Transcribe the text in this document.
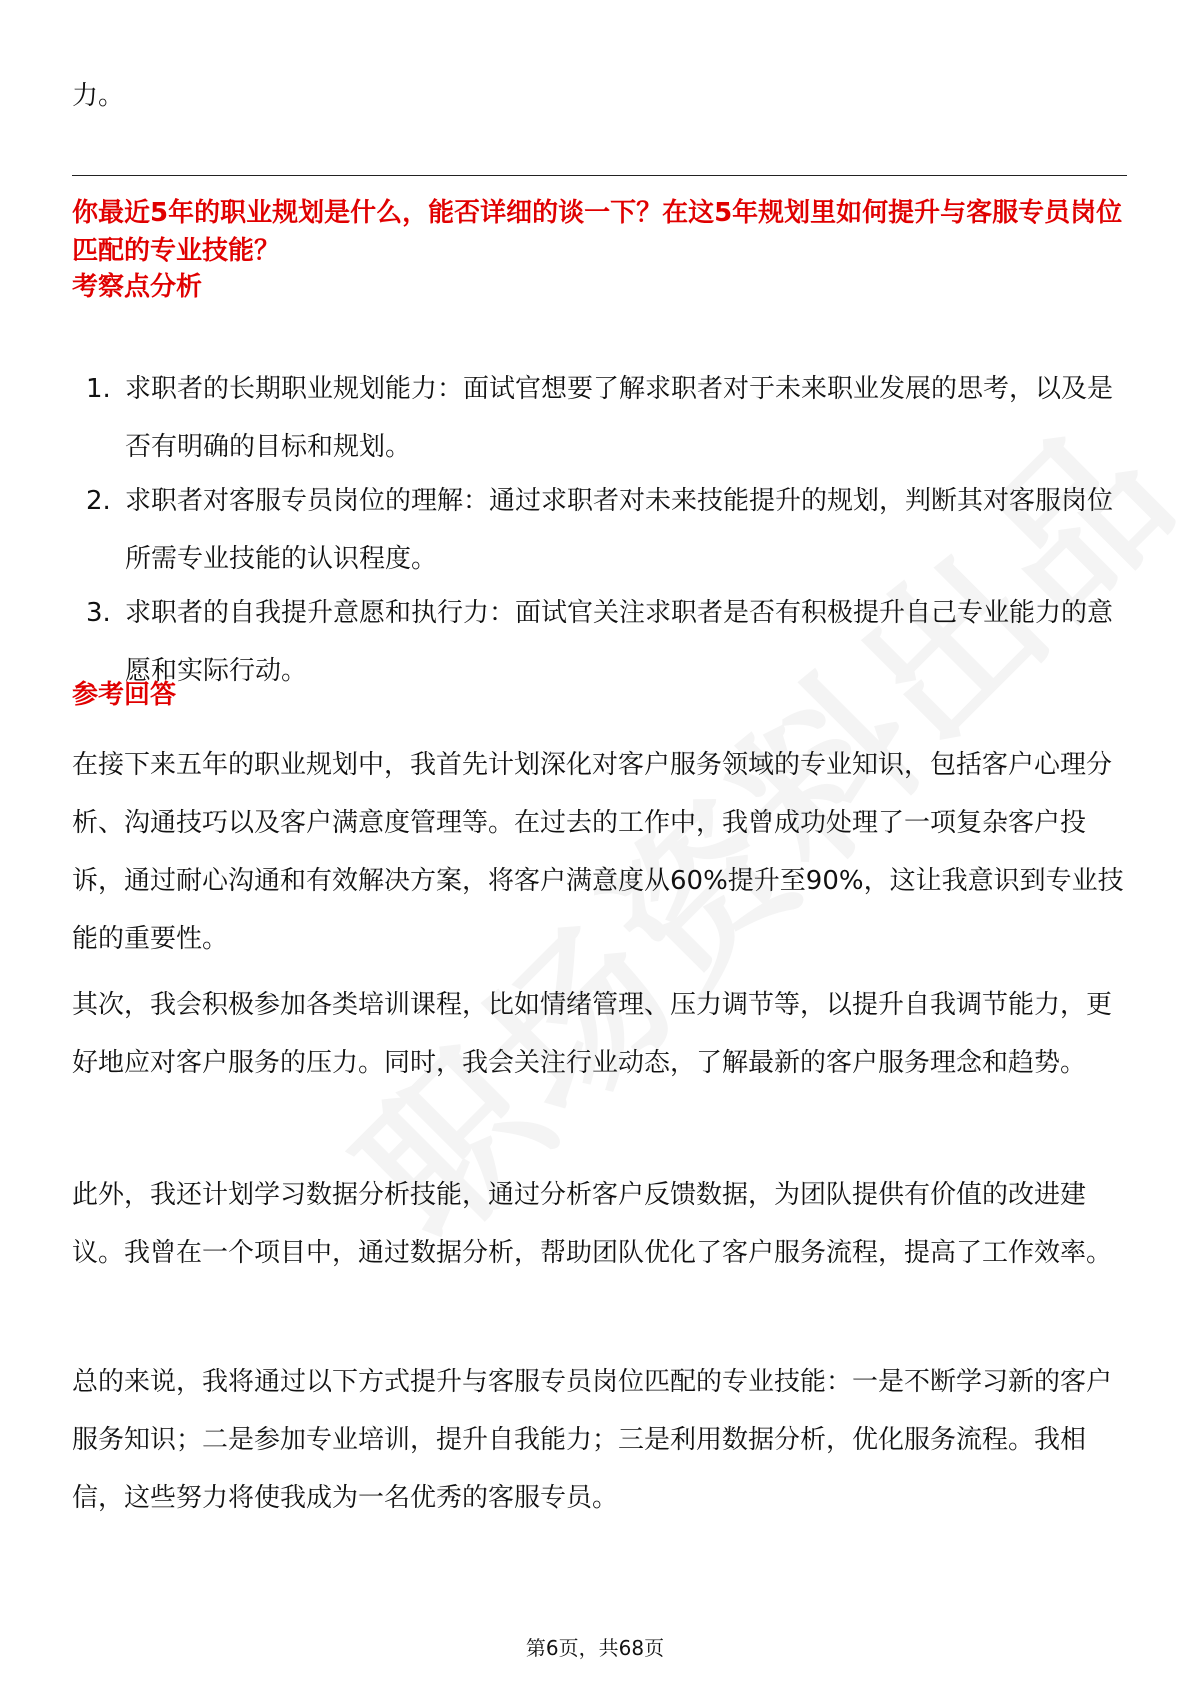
力。
你最近5年的职业规划是什么，能否详细的谈一下？在这5年规划里如何提升与客服专员岗位匹配的专业技能？
考察点分析
1. 求职者的长期职业规划能力：面试官想要了解求职者对于未来职业发展的思考，以及是否有明确的目标和规划。
2. 求职者对客服专员岗位的理解：通过求职者对未来技能提升的规划，判断其对客服岗位所需专业技能的认识程度。
3. 求职者的自我提升意愿和执行力：面试官关注求职者是否有积极提升自己专业能力的意愿和实际行动。
参考回答

在接下来五年的职业规划中，我首先计划深化对客户服务领域的专业知识，包括客户心理分析、沟通技巧以及客户满意度管理等。在过去的工作中，我曾成功处理了一项复杂客户投诉，通过耐心沟通和有效解决方案，将客户满意度从60%提升至90%，这让我意识到专业技能的重要性。

其次，我会积极参加各类培训课程，比如情绪管理、压力调节等，以提升自我调节能力，更好地应对客户服务的压力。同时，我会关注行业动态，了解最新的客户服务理念和趋势。

此外，我还计划学习数据分析技能，通过分析客户反馈数据，为团队提供有价值的改进建议。我曾在一个项目中，通过数据分析，帮助团队优化了客户服务流程，提高了工作效率。

总的来说，我将通过以下方式提升与客服专员岗位匹配的专业技能：一是不断学习新的客户服务知识；二是参加专业培训，提升自我能力；三是利用数据分析，优化服务流程。我相信，这些努力将使我成为一名优秀的客服专员。

第6页，共68页
